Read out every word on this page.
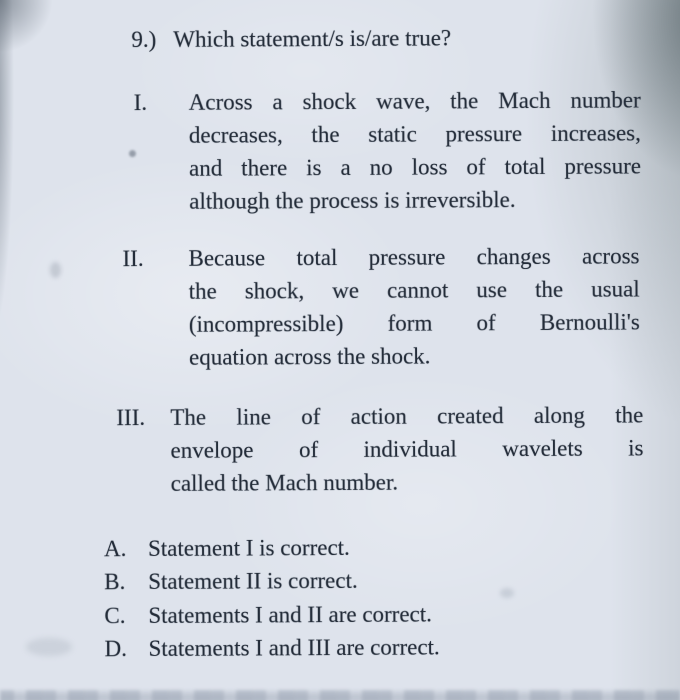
9.) Which statement/s is/are true?
I. Across a shock wave, the Mach number
decreases, the static pressure increases,
and there is a no loss of total pressure
although the process is irreversible.
II. Because total pressure changes across
the shock, we cannot use the usual
(incompressible) form of Bernoulli's
equation across the shock.
III. The line of action created along the
envelope of individual wavelets is
called the Mach number.
A. Statement I is correct.
B. Statement II is correct.
C. Statements I and II are correct.
D. Statements I and III are correct.
